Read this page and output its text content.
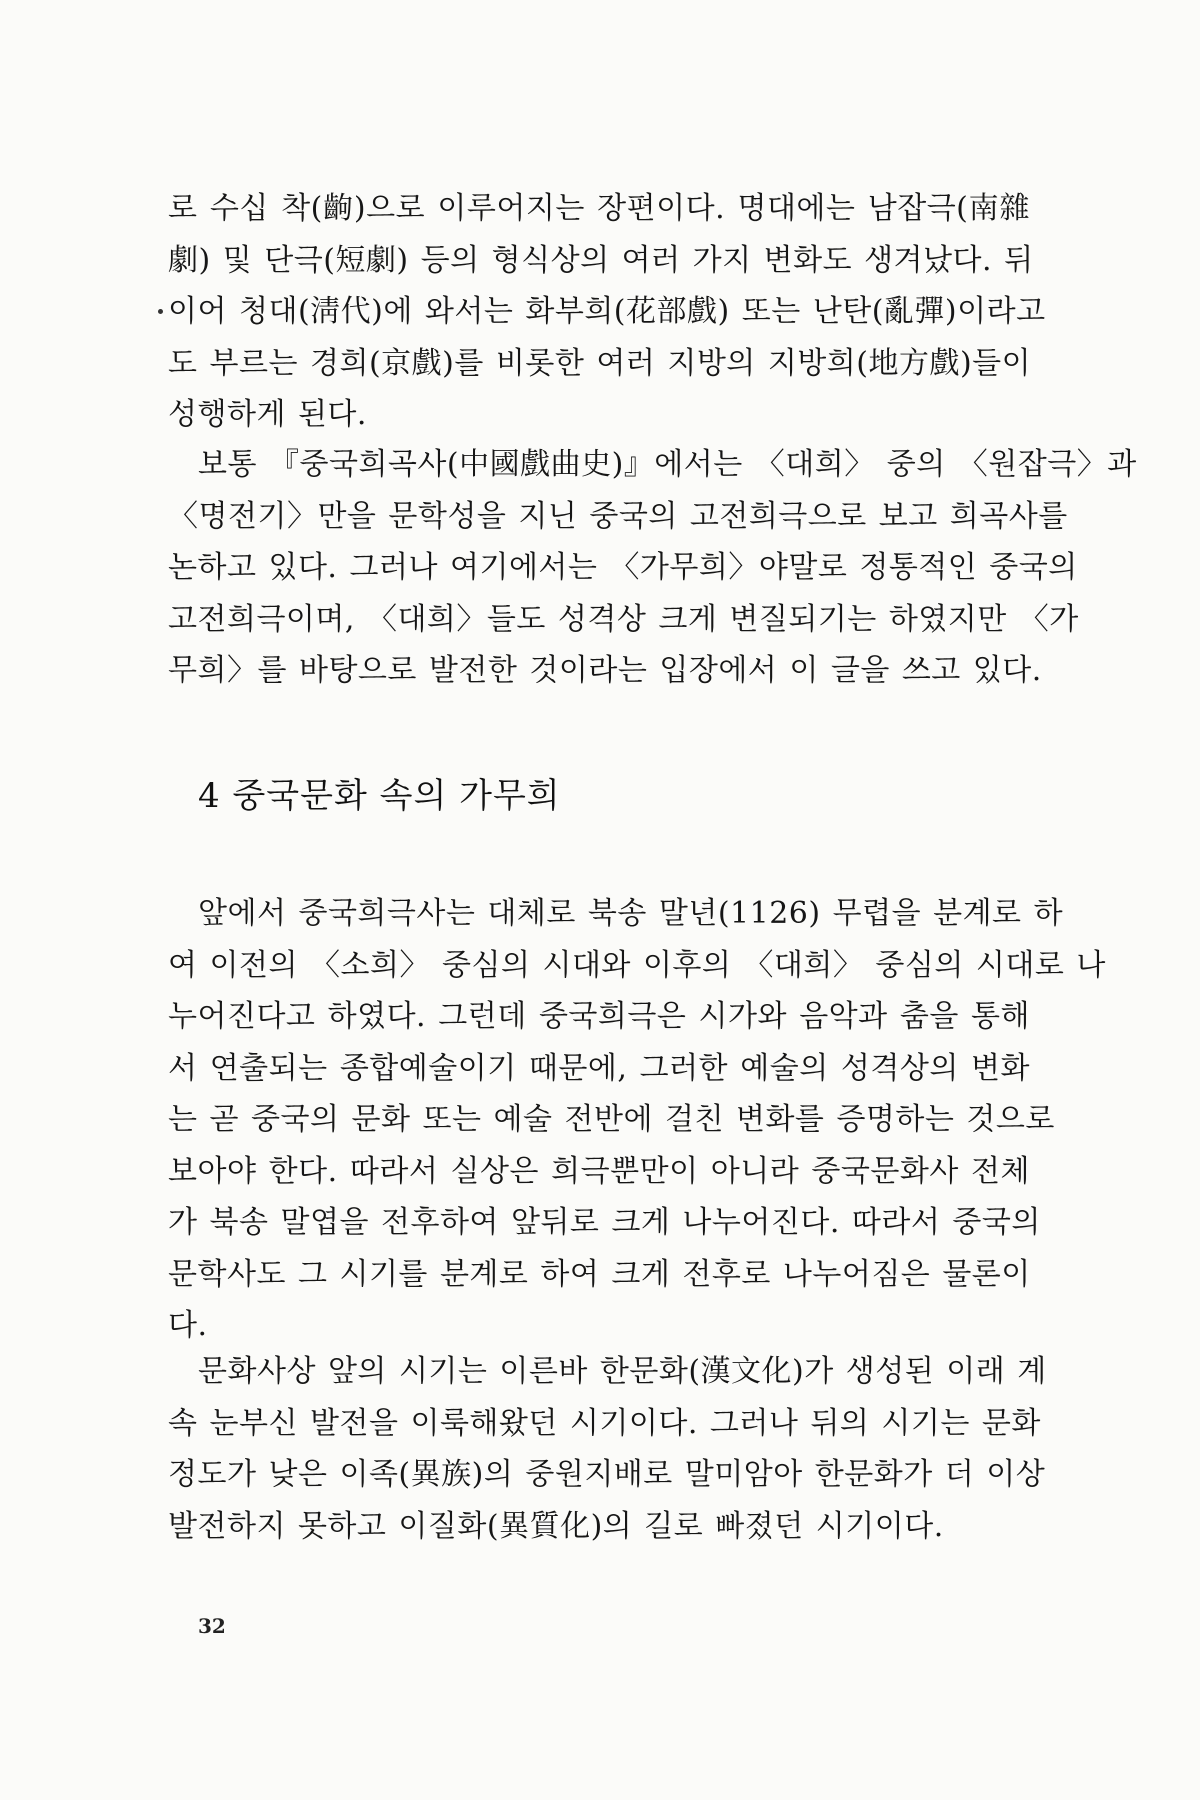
로 수십 착(齣)으로 이루어지는 장편이다. 명대에는 남잡극(南雜
劇) 및 단극(短劇) 등의 형식상의 여러 가지 변화도 생겨났다. 뒤
이어 청대(淸代)에 와서는 화부희(花部戲) 또는 난탄(亂彈)이라고
도 부르는 경희(京戲)를 비롯한 여러 지방의 지방희(地方戲)들이
성행하게 된다.
보통 『중국희곡사(中國戲曲史)』에서는 〈대희〉 중의 〈원잡극〉과
〈명전기〉만을 문학성을 지닌 중국의 고전희극으로 보고 희곡사를
논하고 있다. 그러나 여기에서는 〈가무희〉야말로 정통적인 중국의
고전희극이며, 〈대희〉들도 성격상 크게 변질되기는 하였지만 〈가
무희〉를 바탕으로 발전한 것이라는 입장에서 이 글을 쓰고 있다.
4 중국문화 속의 가무희
앞에서 중국희극사는 대체로 북송 말년(1126) 무렵을 분계로 하
여 이전의 〈소희〉 중심의 시대와 이후의 〈대희〉 중심의 시대로 나
누어진다고 하였다. 그런데 중국희극은 시가와 음악과 춤을 통해
서 연출되는 종합예술이기 때문에, 그러한 예술의 성격상의 변화
는 곧 중국의 문화 또는 예술 전반에 걸친 변화를 증명하는 것으로
보아야 한다. 따라서 실상은 희극뿐만이 아니라 중국문화사 전체
가 북송 말엽을 전후하여 앞뒤로 크게 나누어진다. 따라서 중국의
문학사도 그 시기를 분계로 하여 크게 전후로 나누어짐은 물론이
다.
문화사상 앞의 시기는 이른바 한문화(漢文化)가 생성된 이래 계
속 눈부신 발전을 이룩해왔던 시기이다. 그러나 뒤의 시기는 문화
정도가 낮은 이족(異族)의 중원지배로 말미암아 한문화가 더 이상
발전하지 못하고 이질화(異質化)의 길로 빠졌던 시기이다.
32
